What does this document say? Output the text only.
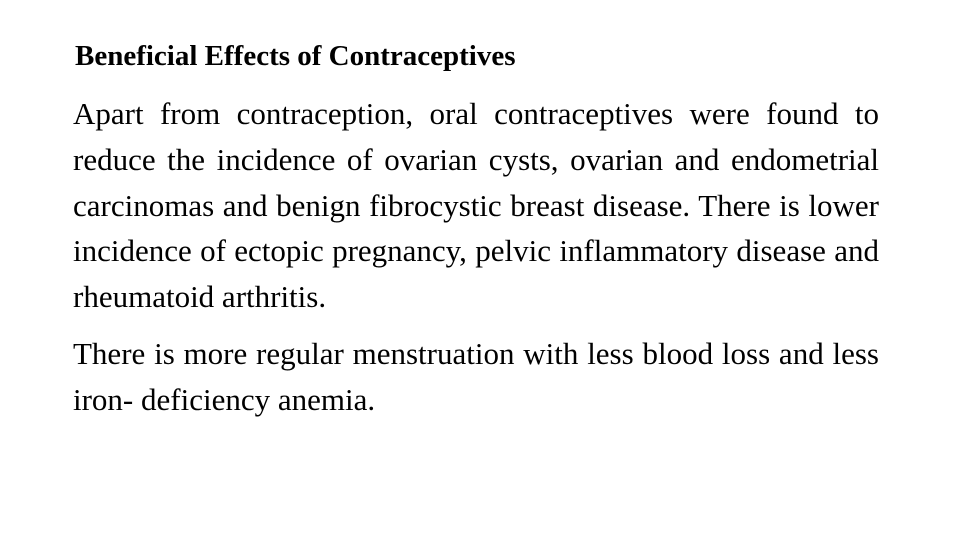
Beneficial Effects of Contraceptives

Apart from contraception, oral contraceptives were found to reduce the incidence of ovarian cysts, ovarian and endometrial carcinomas and benign fibrocystic breast disease. There is lower incidence of ectopic pregnancy, pelvic inflammatory disease and rheumatoid arthritis.

There is more regular menstruation with less blood loss and less iron- deficiency anemia.
